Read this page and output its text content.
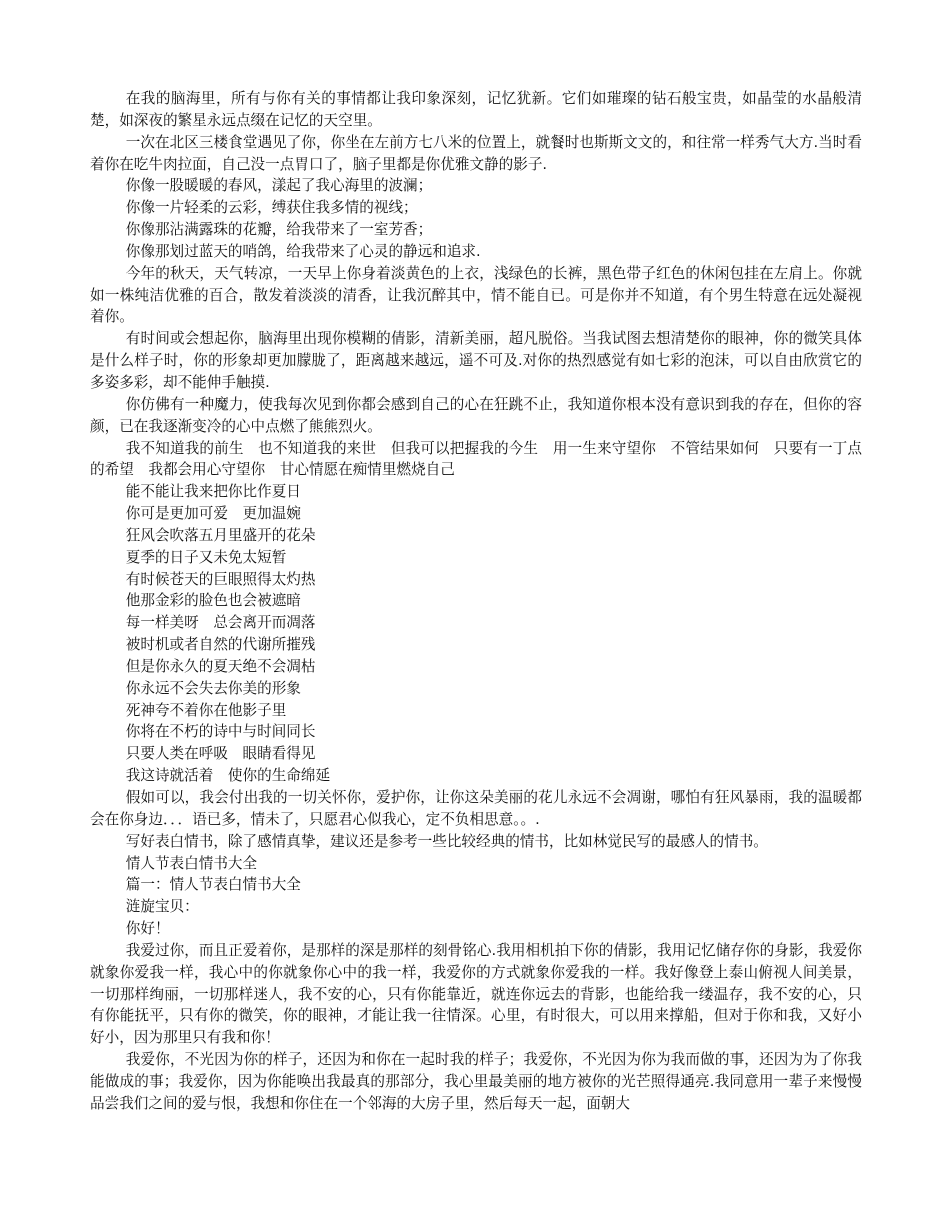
在我的脑海里，所有与你有关的事情都让我印象深刻，记忆犹新。它们如璀璨的钻石般宝贵，如晶莹的水晶般清楚，如深夜的繁星永远点缀在记忆的天空里。
一次在北区三楼食堂遇见了你，你坐在左前方七八米的位置上，就餐时也斯斯文文的，和往常一样秀气大方.当时看着你在吃牛肉拉面，自己没一点胃口了，脑子里都是你优雅文静的影子.
你像一股暖暖的春风，漾起了我心海里的波澜；
你像一片轻柔的云彩，缚获住我多情的视线；
你像那沾满露珠的花瓣，给我带来了一室芳香；
你像那划过蓝天的哨鸽，给我带来了心灵的静远和追求.
今年的秋天，天气转凉，一天早上你身着淡黄色的上衣，浅绿色的长裤，黑色带子红色的休闲包挂在左肩上。你就如一株纯洁优雅的百合，散发着淡淡的清香，让我沉醉其中，情不能自已。可是你并不知道，有个男生特意在远处凝视着你。
有时间或会想起你，脑海里出现你模糊的倩影，清新美丽，超凡脱俗。当我试图去想清楚你的眼神，你的微笑具体是什么样子时，你的形象却更加朦胧了，距离越来越远，遥不可及.对你的热烈感觉有如七彩的泡沫，可以自由欣赏它的多姿多彩，却不能伸手触摸.
你仿佛有一种魔力，使我每次见到你都会感到自己的心在狂跳不止，我知道你根本没有意识到我的存在，但你的容颜，已在我逐渐变冷的心中点燃了熊熊烈火。
我不知道我的前生　也不知道我的来世　但我可以把握我的今生　用一生来守望你　不管结果如何　只要有一丁点的希望　我都会用心守望你　甘心情愿在痴情里燃烧自己
能不能让我来把你比作夏日
你可是更加可爱　更加温婉
狂风会吹落五月里盛开的花朵
夏季的日子又未免太短暂
有时候苍天的巨眼照得太灼热
他那金彩的脸色也会被遮暗
每一样美呀　总会离开而凋落
被时机或者自然的代谢所摧残
但是你永久的夏天绝不会凋枯
你永远不会失去你美的形象
死神夸不着你在他影子里
你将在不朽的诗中与时间同长
只要人类在呼吸　眼睛看得见
我这诗就活着　使你的生命绵延
假如可以，我会付出我的一切关怀你，爱护你，让你这朵美丽的花儿永远不会凋谢，哪怕有狂风暴雨，我的温暖都会在你身边．．．语已多，情未了，只愿君心似我心，定不负相思意。。.
写好表白情书，除了感情真挚，建议还是参考一些比较经典的情书，比如林觉民写的最感人的情书。
情人节表白情书大全
篇一：情人节表白情书大全
涟旋宝贝：
你好！
我爱过你，而且正爱着你，是那样的深是那样的刻骨铭心.我用相机拍下你的倩影，我用记忆储存你的身影，我爱你就象你爱我一样，我心中的你就象你心中的我一样，我爱你的方式就象你爱我的一样。我好像登上泰山俯视人间美景，一切那样绚丽，一切那样迷人，我不安的心，只有你能靠近，就连你远去的背影，也能给我一缕温存，我不安的心，只有你能抚平，只有你的微笑，你的眼神，才能让我一往情深。心里，有时很大，可以用来撑船，但对于你和我，又好小好小，因为那里只有我和你！
我爱你，不光因为你的样子，还因为和你在一起时我的样子；我爱你，不光因为你为我而做的事，还因为为了你我能做成的事；我爱你，因为你能唤出我最真的那部分，我心里最美丽的地方被你的光芒照得通亮.我同意用一辈子来慢慢品尝我们之间的爱与恨，我想和你住在一个邻海的大房子里，然后每天一起，面朝大
